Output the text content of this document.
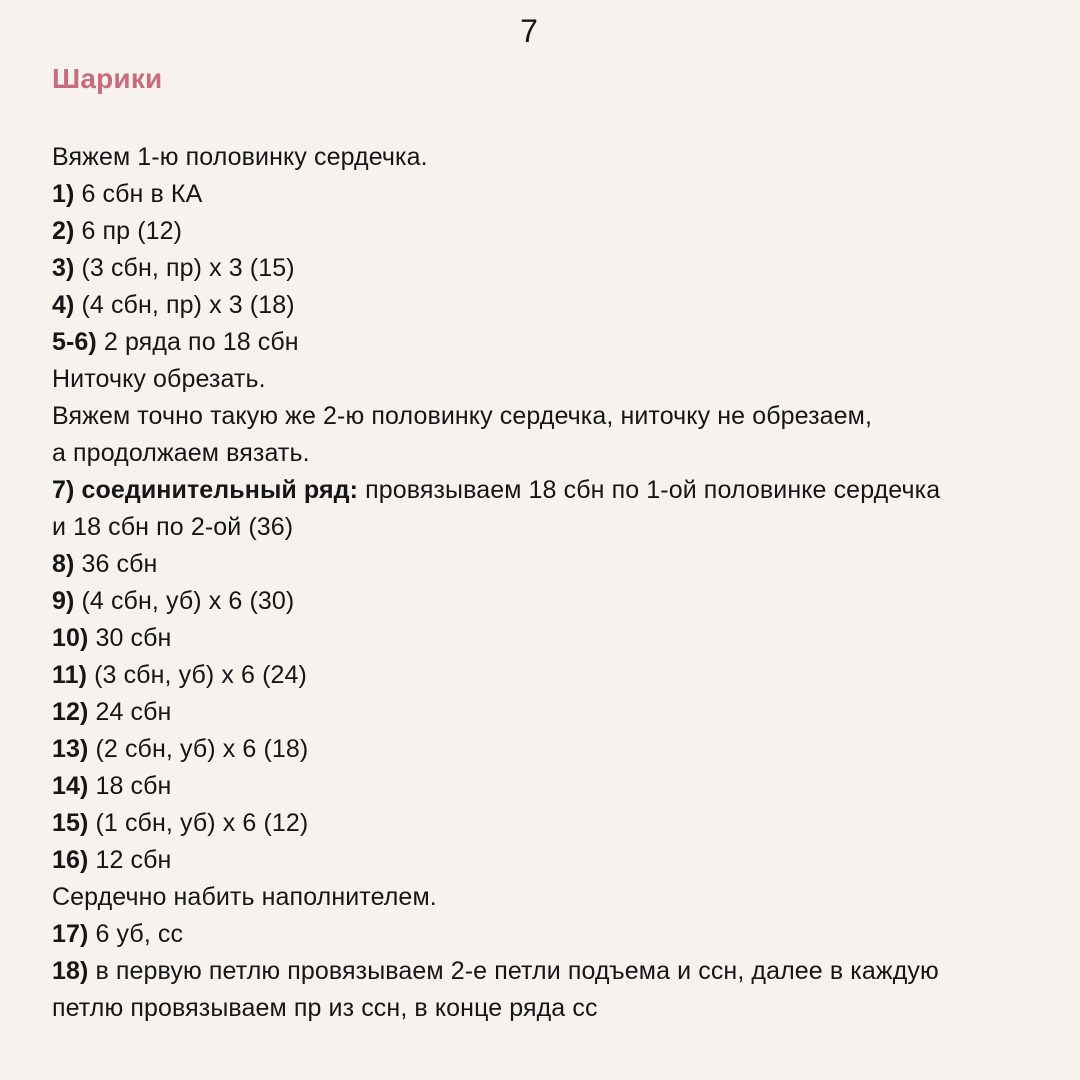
7
Шарики
Вяжем 1-ю половинку сердечка.
1) 6 сбн в КА
2) 6 пр (12)
3) (3 сбн, пр) х 3 (15)
4) (4 сбн, пр) х 3 (18)
5-6) 2 ряда по 18 сбн
Ниточку обрезать.
Вяжем точно такую же 2-ю половинку сердечка, ниточку не обрезаем,
а продолжаем вязать.
7) соединительный ряд: провязываем 18 сбн по 1-ой половинке сердечка
и 18 сбн по 2-ой (36)
8) 36 сбн
9) (4 сбн, уб) х 6 (30)
10) 30 сбн
11) (3 сбн, уб) х 6 (24)
12) 24 сбн
13) (2 сбн, уб) х 6 (18)
14) 18 сбн
15) (1 сбн, уб) х 6 (12)
16) 12 сбн
Сердечно набить наполнителем.
17) 6 уб, сс
18) в первую петлю провязываем 2-е петли подъема и ссн, далее в каждую
петлю провязываем пр из ссн, в конце ряда сс
